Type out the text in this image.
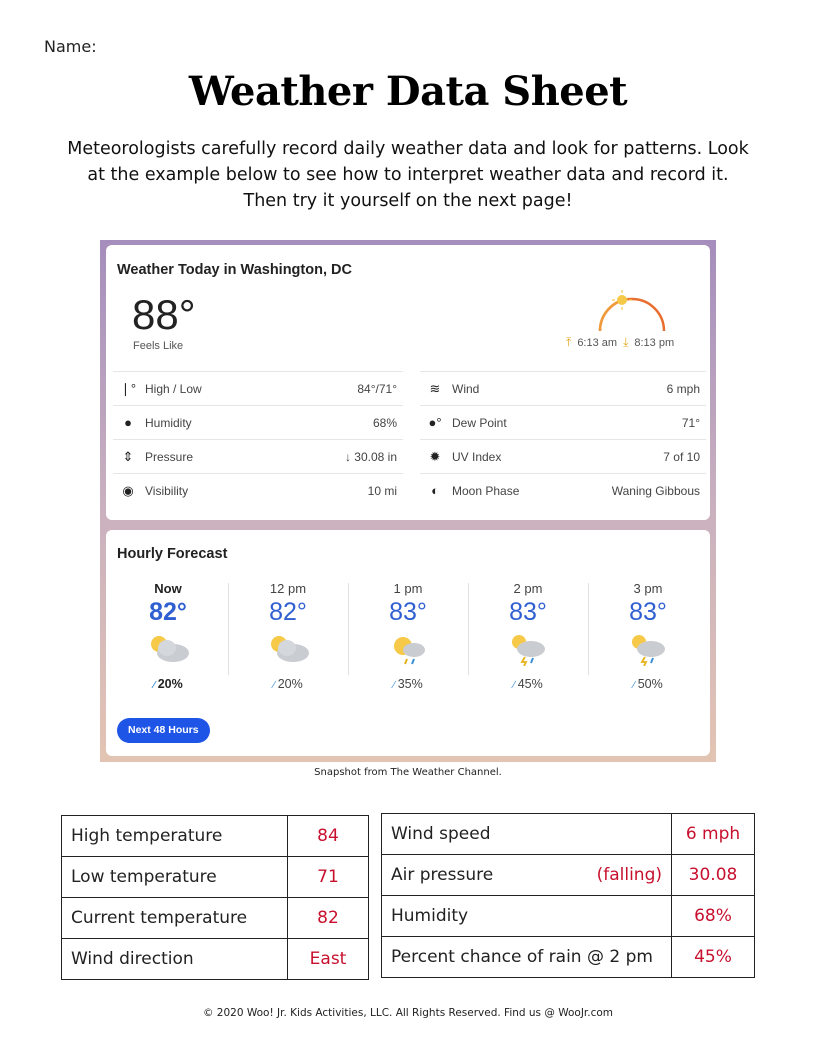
Name:
Weather Data Sheet
Meteorologists carefully record daily weather data and look for patterns. Look
at the example below to see how to interpret weather data and record it.
Then try it yourself on the next page!
Weather Today in Washington, DC
88°
Feels Like	⤒ 6:13 am ⤓ 8:13 pm
❘° High / Low	84°/71°
●	Humidity	68%
⇕ Pressure	↓ 30.08 in
◉ Visibility	10 mi
≋ Wind	6 mph
●° Dew Point	71°
✹ UV Index	7 of 10
◐	Moon Phase	Waning Gibbous
Hourly Forecast
Now
82°
⁄ 20%
12 pm
82°
⁄ 20%
1 pm
83°
⁄ 35%
2 pm
83°
⁄ 45%
3 pm
83°
⁄ 50%
Next 48 Hours
Snapshot from The Weather Channel.
High temperature	84
Low temperature	71
Current temperature	82
Wind direction	East
Wind speed	6 mph

Air pressure (falling)	30.08
Humidity	68%
Percent chance of rain @ 2 pm	45%
© 2020 Woo! Jr. Kids Activities, LLC. All Rights Reserved. Find us @ WooJr.com
